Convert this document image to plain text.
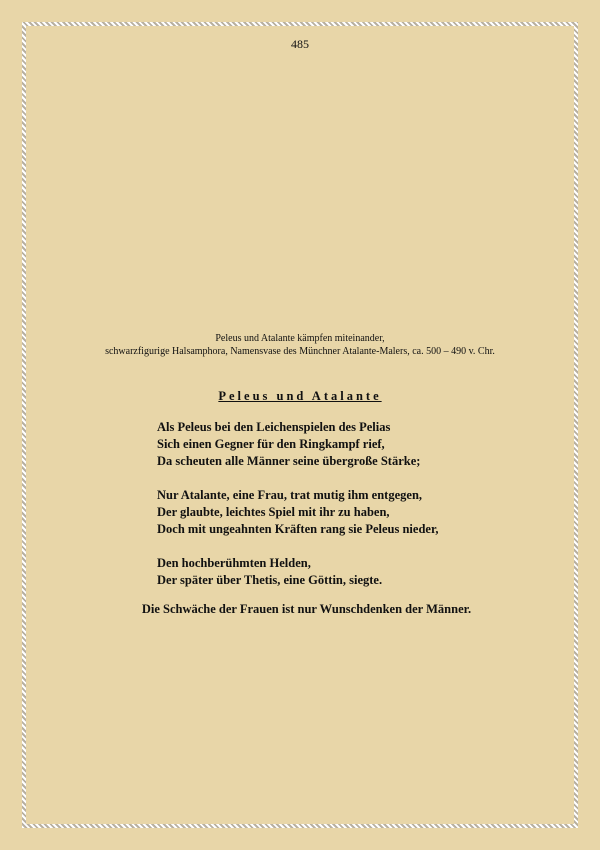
485
Peleus und Atalante kämpfen miteinander,
schwarzfigurige Halsamphora, Namensvase des Münchner Atalante-Malers, ca. 500 – 490 v. Chr.
Peleus und Atalante
Als Peleus bei den Leichenspielen des Pelias
Sich einen Gegner für den Ringkampf rief,
Da scheuten alle Männer seine übergroße Stärke;
Nur Atalante, eine Frau, trat mutig ihm entgegen,
Der glaubte, leichtes Spiel mit ihr zu haben,
Doch mit ungeahnten Kräften rang sie Peleus nieder,
Den hochberühmten Helden,
Der später über Thetis, eine Göttin, siegte.
Die Schwäche der Frauen ist nur Wunschdenken der Männer.
